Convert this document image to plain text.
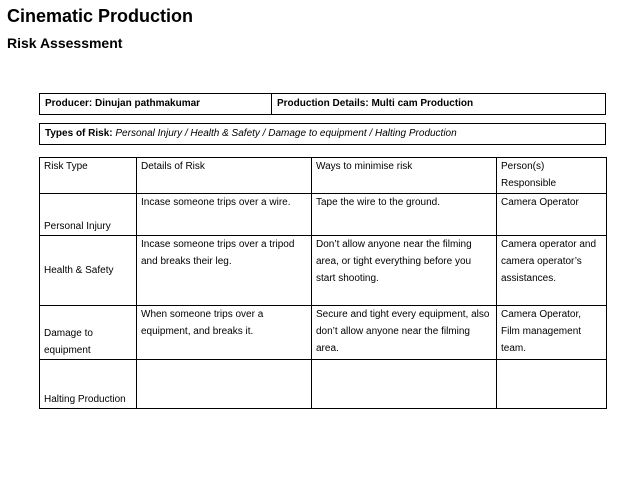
Cinematic Production
Risk Assessment
Producer: Dinujan pathmakumar	Production Details: Multi cam Production
Types of Risk: Personal Injury / Health & Safety / Damage to equipment / Halting Production
Risk Type	Details of Risk	Ways to minimise risk	Person(s) Responsible
Personal Injury	Incase someone trips over a wire.	Tape the wire to the ground.	Camera Operator
Health & Safety	Incase someone trips over a tripod and breaks their leg.	Don’t allow anyone near the filming area, or tight everything before you start shooting.	Camera operator and camera operator’s assistances.
Damage to equipment	When someone trips over a equipment, and breaks it.	Secure and tight every equipment, also don’t allow anyone near the filming area.	Camera Operator, Film management team.
Halting Production			
